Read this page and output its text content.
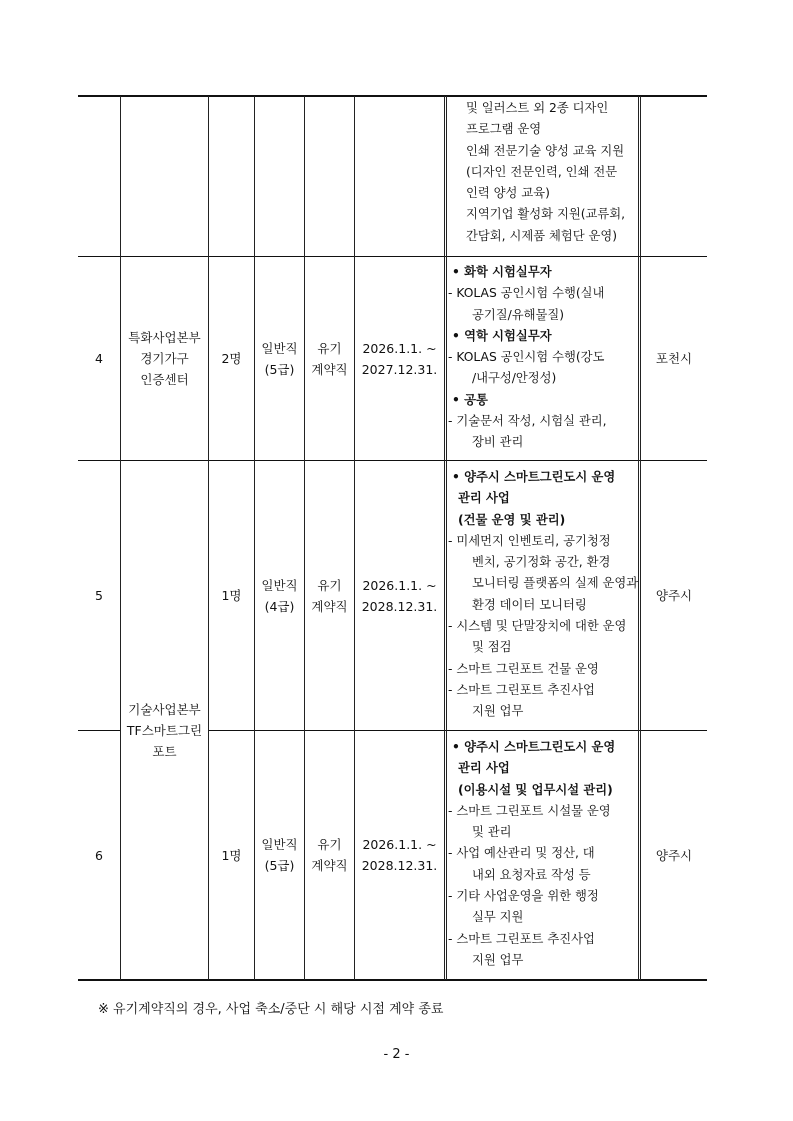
및 일러스트 외 2종 디자인
프로그램 운영
인쇄 전문기술 양성 교육 지원
(디자인 전문인력, 인쇄 전문
인력 양성 교육)
지역기업 활성화 지원(교류회,
간담회, 시제품 체험단 운영)
4
특화사업본부
경기가구
인증센터
2명
일반직
(5급)
유기
계약직
2026.1.1. ~
2027.12.31.
• 화학 시험실무자
- KOLAS 공인시험 수행(실내
공기질/유해물질)
• 역학 시험실무자
- KOLAS 공인시험 수행(강도
/내구성/안정성)
• 공통
- 기술문서 작성, 시험실 관리,
장비 관리
포천시
기술사업본부
TF스마트그린
포트
5	1명
일반직
(4급)
유기
계약직
2026.1.1. ~
2028.12.31.
• 양주시 스마트그린도시 운영
관리 사업
(건물 운영 및 관리)
- 미세먼지 인벤토리, 공기청정
벤치, 공기정화 공간, 환경
모니터링 플랫폼의 실제 운영과
환경 데이터 모니터링
- 시스템 및 단말장치에 대한 운영
및 점검
- 스마트 그린포트 건물 운영
- 스마트 그린포트 추진사업
지원 업무
양주시
6	1명
일반직
(5급)
유기
계약직
2026.1.1. ~
2028.12.31.
• 양주시 스마트그린도시 운영
관리 사업
(이용시설 및 업무시설 관리)
- 스마트 그린포트 시설물 운영
및 관리
- 사업 예산관리 및 정산, 대
내외 요청자료 작성 등
- 기타 사업운영을 위한 행정
실무 지원
- 스마트 그린포트 추진사업
지원 업무
양주시
※ 유기계약직의 경우, 사업 축소/중단 시 해당 시점 계약 종료
- 2 -
